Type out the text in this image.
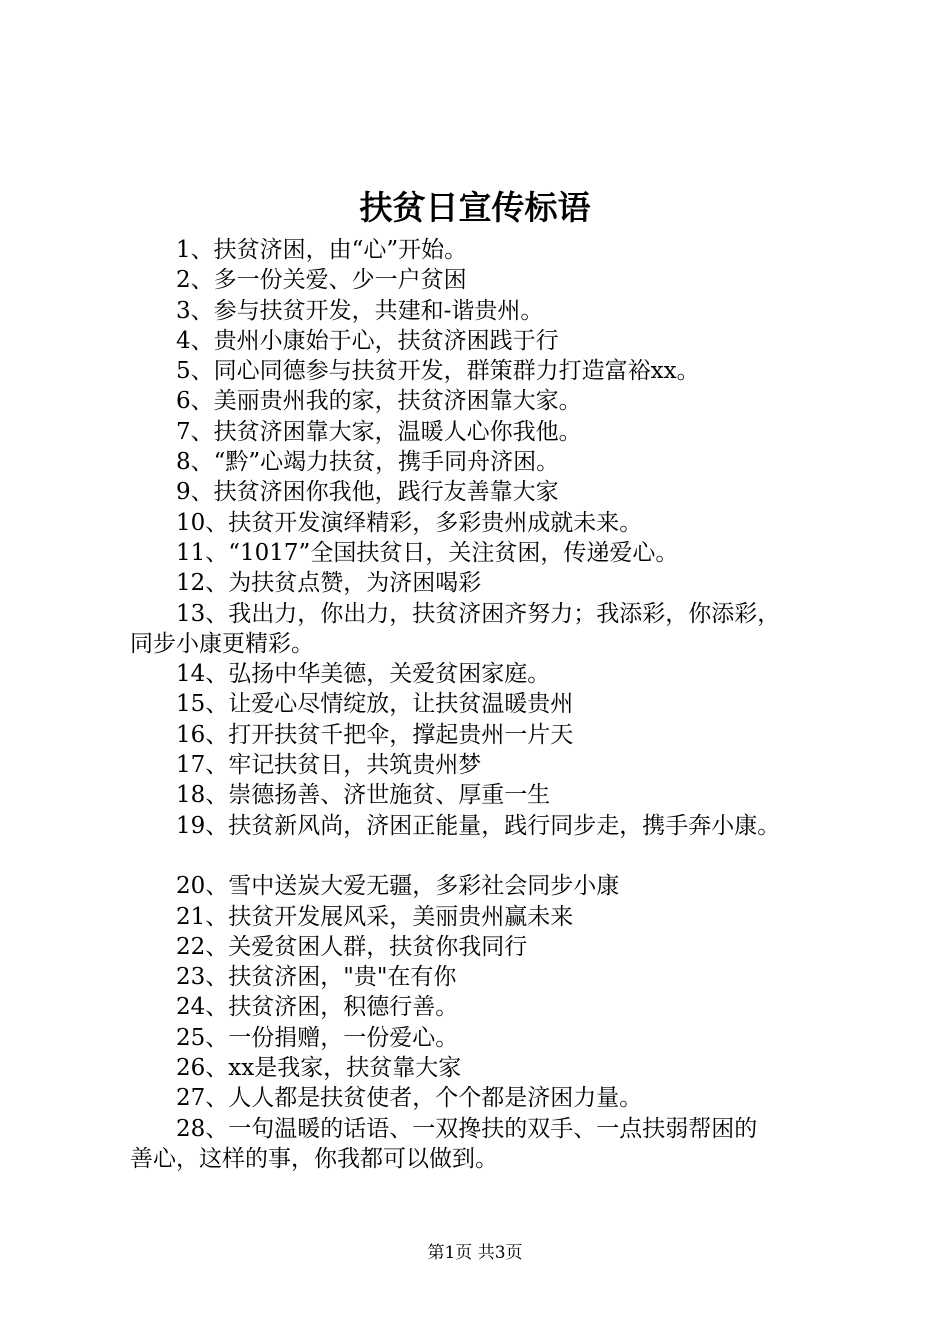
扶贫日宣传标语
1、扶贫济困，由“心”开始。
2、多一份关爱、少一户贫困
3、参与扶贫开发，共建和-谐贵州。
4、贵州小康始于心，扶贫济困践于行
5、同心同德参与扶贫开发，群策群力打造富裕xx。
6、美丽贵州我的家，扶贫济困靠大家。
7、扶贫济困靠大家，温暖人心你我他。
8、“黔”心竭力扶贫，携手同舟济困。
9、扶贫济困你我他，践行友善靠大家
10、扶贫开发演绎精彩，多彩贵州成就未来。
11、“1017”全国扶贫日，关注贫困，传递爱心。
12、为扶贫点赞，为济困喝彩
13、我出力，你出力，扶贫济困齐努力；我添彩，你添彩，
同步小康更精彩。
14、弘扬中华美德，关爱贫困家庭。
15、让爱心尽情绽放，让扶贫温暖贵州
16、打开扶贫千把伞，撑起贵州一片天
17、牢记扶贫日，共筑贵州梦
18、崇德扬善、济世施贫、厚重一生
19、扶贫新风尚，济困正能量，践行同步走，携手奔小康。
20、雪中送炭大爱无疆，多彩社会同步小康
21、扶贫开发展风采，美丽贵州赢未来
22、关爱贫困人群，扶贫你我同行
23、扶贫济困，"贵"在有你
24、扶贫济困，积德行善。
25、一份捐赠，一份爱心。
26、xx是我家，扶贫靠大家
27、人人都是扶贫使者，个个都是济困力量。
28、一句温暖的话语、一双搀扶的双手、一点扶弱帮困的
善心，这样的事，你我都可以做到。
第1页 共3页
